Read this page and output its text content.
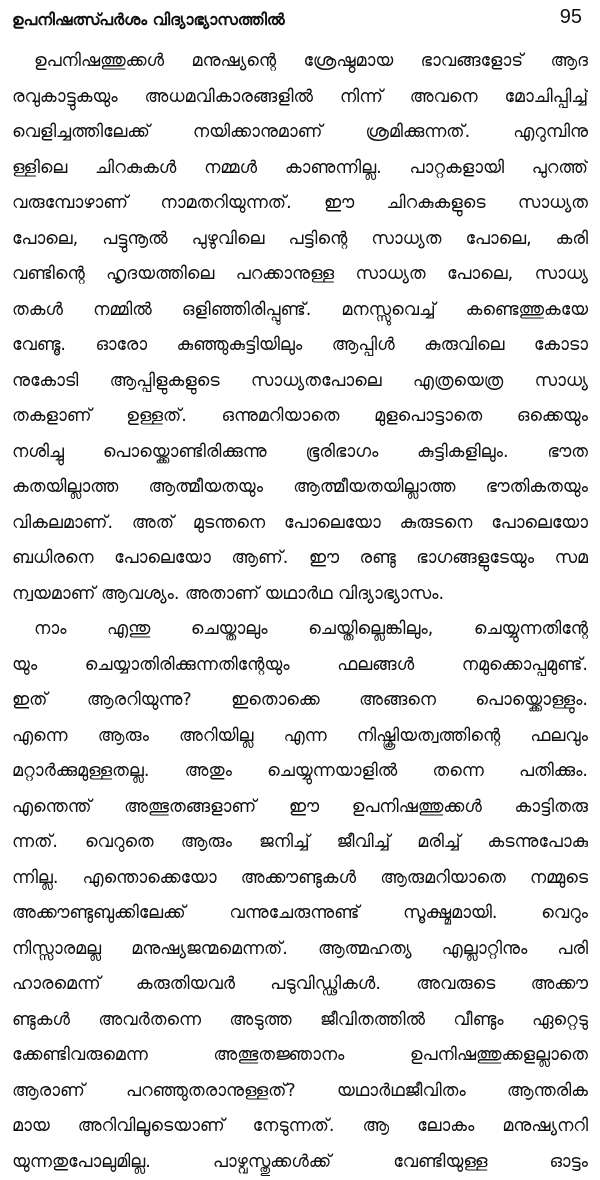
ഉപനിഷത്സ്പർശം വിദ്യാഭ്യാസത്തിൽ	95
ഉപനിഷത്തുക്കൾ മനുഷ്യന്റെ ശ്രേഷ്ഠമായ ഭാവങ്ങളോട് ആദ
രവുകാട്ടുകയും അധമവികാരങ്ങളിൽ നിന്ന് അവനെ മോചിപ്പിച്ച്
വെളിച്ചത്തിലേക്ക് നയിക്കാനുമാണ് ശ്രമിക്കുന്നത്. എറുമ്പിനു
ള്ളിലെ ചിറകുകൾ നമ്മൾ കാണുന്നില്ല. പാറ്റകളായി പുറത്ത്
വരുമ്പോഴാണ് നാമതറിയുന്നത്. ഈ ചിറകുകളുടെ സാധ്യത
പോലെ, പട്ടുനൂൽ പുഴുവിലെ പട്ടിന്റെ സാധ്യത പോലെ, കരി
വണ്ടിന്റെ ഹൃദയത്തിലെ പറക്കാനുള്ള സാധ്യത പോലെ, സാധ്യ
തകൾ നമ്മിൽ ഒളിഞ്ഞിരിപ്പുണ്ട്. മനസ്സുവെച്ച് കണ്ടെത്തുകയേ
വേണ്ടൂ. ഓരോ കുഞ്ഞുകുട്ടിയിലും ആപ്പിൾ കുരുവിലെ കോടാ
നുകോടി ആപ്പിളുകളുടെ സാധ്യതപോലെ എത്രയെത്ര സാധ്യ
തകളാണ് ഉള്ളത്. ഒന്നുമറിയാതെ മുളപൊട്ടാതെ ഒക്കെയും
നശിച്ചു പൊയ്ക്കൊണ്ടിരിക്കുന്നു ഭൂരിഭാഗം കുട്ടികളിലും. ഭൗത
കതയില്ലാത്ത ആത്മീയതയും ആത്മീയതയില്ലാത്ത ഭൗതികതയും
വികലമാണ്. അത് മുടന്തനെ പോലെയോ കുരുടനെ പോലെയോ
ബധിരനെ പോലെയോ ആണ്. ഈ രണ്ടു ഭാഗങ്ങളുടേയും സമ
ന്വയമാണ് ആവശ്യം. അതാണ് യഥാർഥ വിദ്യാഭ്യാസം.
നാം എന്തു ചെയ്താലും ചെയ്തില്ലെങ്കിലും, ചെയ്യുന്നതിന്റേ
യും ചെയ്യാതിരിക്കുന്നതിന്റേയും ഫലങ്ങൾ നമുക്കൊപ്പമുണ്ട്.
ഇത് ആരറിയുന്നു? ഇതൊക്കെ അങ്ങനെ പൊയ്ക്കൊള്ളും.
എന്നെ ആരും അറിയില്ല എന്ന നിഷ്ക്രിയത്വത്തിന്റെ ഫലവും
മറ്റാർക്കുമുള്ളതല്ല. അതും ചെയ്യുന്നയാളിൽ തന്നെ പതിക്കും.
എന്തെന്ത് അത്ഭുതങ്ങളാണ് ഈ ഉപനിഷത്തുക്കൾ കാട്ടിതരു
ന്നത്. വെറുതെ ആരും ജനിച്ച് ജീവിച്ച് മരിച്ച് കടന്നുപോകു
ന്നില്ല. എന്തൊക്കെയോ അക്കൗണ്ടുകൾ ആരുമറിയാതെ നമ്മുടെ
അക്കൗണ്ടുബുക്കിലേക്ക് വന്നുചേരുന്നുണ്ട് സൂക്ഷ്മമായി. വെറും
നിസ്സാരമല്ല മനുഷ്യജന്മമെന്നത്. ആത്മഹത്യ എല്ലാറ്റിനും പരി
ഹാരമെന്ന് കരുതിയവർ പടുവിഡ്ഢികൾ. അവരുടെ അക്കൗ
ണ്ടുകൾ അവർതന്നെ അടുത്ത ജീവിതത്തിൽ വീണ്ടും ഏറ്റെടു
ക്കേണ്ടിവരുമെന്ന അത്ഭുതജ്ഞാനം ഉപനിഷത്തുക്കളല്ലാതെ
ആരാണ് പറഞ്ഞുതരാനുള്ളത്? യഥാർഥജീവിതം ആന്തരിക
മായ അറിവിലൂടെയാണ് നേടുന്നത്. ആ ലോകം മനുഷ്യനറി
യുന്നതുപോലുമില്ല. പാഴ്വസ്തുക്കൾക്ക് വേണ്ടിയുള്ള ഓട്ടം
